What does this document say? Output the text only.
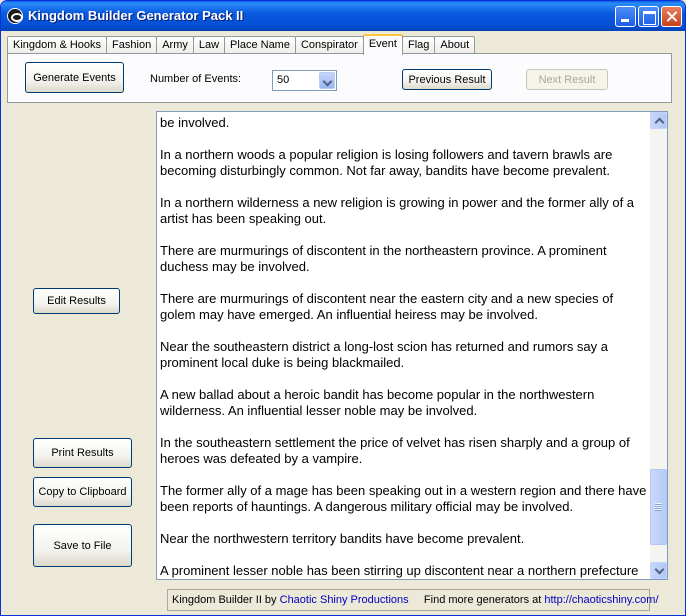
Kingdom Builder Generator Pack II
Kingdom & Hooks	Fashion	Army	Law	Place Name	Conspirator	Event	Flag	About
Generate Events	Number of Events:	50	Previous Result	Next Result
Edit Results
Print Results
Copy to Clipboard
Save to File

be involved.

In a northern woods a popular religion is losing followers and tavern brawls are becoming disturbingly common. Not far away, bandits have become prevalent.

In a northern wilderness a new religion is growing in power and the former ally of a artist has been speaking out.

There are murmurings of discontent in the northeastern province. A prominent duchess may be involved.

There are murmurings of discontent near the eastern city and a new species of golem may have emerged. An influential heiress may be involved.

Near the southeastern district a long-lost scion has returned and rumors say a prominent local duke is being blackmailed.

A new ballad about a heroic bandit has become popular in the northwestern wilderness. An influential lesser noble may be involved.

In the southeastern settlement the price of velvet has risen sharply and a group of heroes was defeated by a vampire.

The former ally of a mage has been speaking out in a western region and there have been reports of hauntings. A dangerous military official may be involved.

Near the northwestern territory bandits have become prevalent.

A prominent lesser noble has been stirring up discontent near a northern prefecture

Kingdom Builder II by Chaotic Shiny Productions Find more generators at http://chaoticshiny.com/
